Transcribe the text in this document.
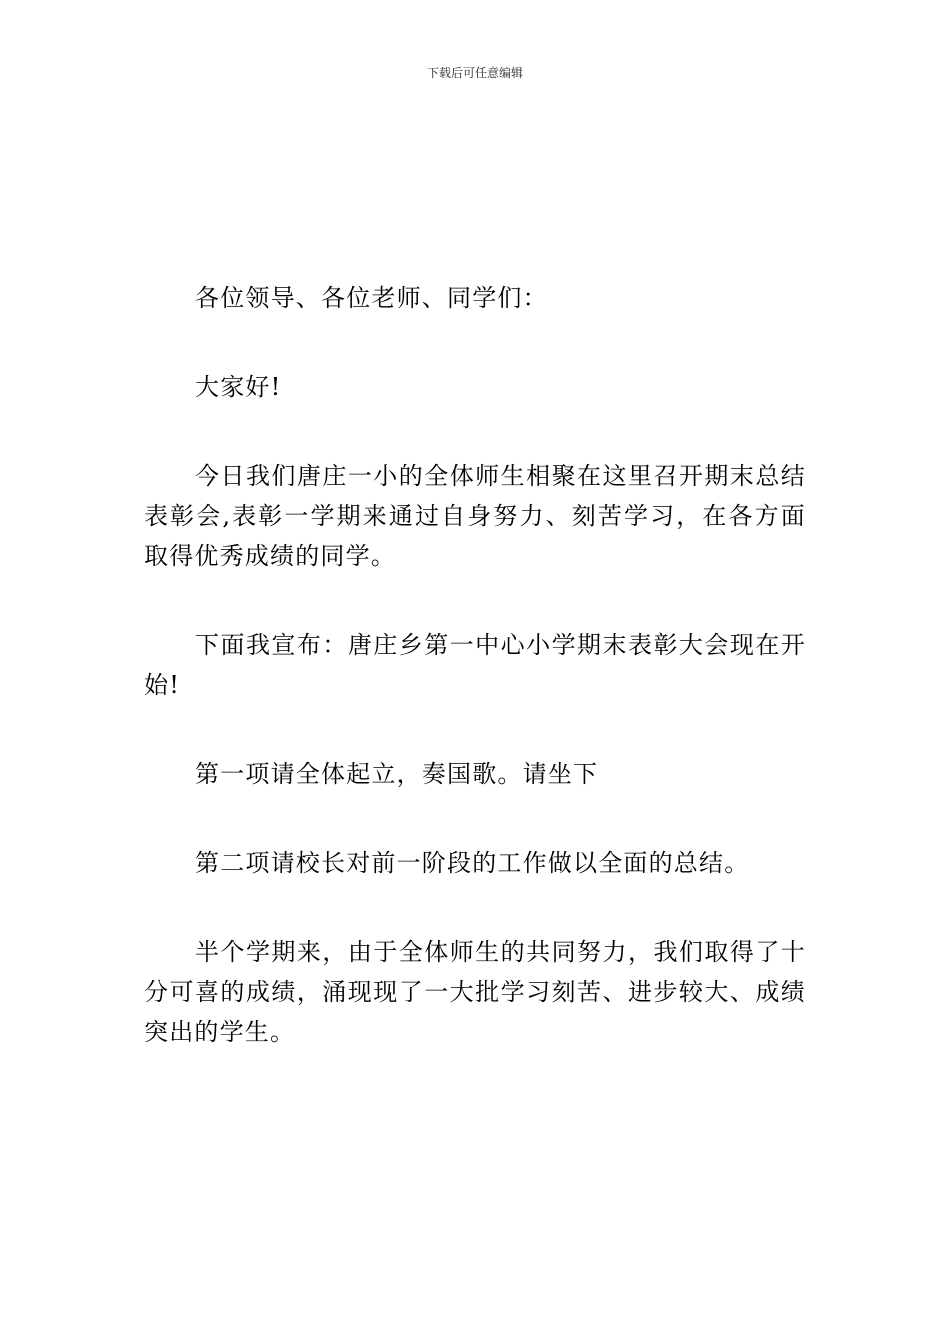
下载后可任意编辑

各位领导、各位老师、同学们：

大家好!

今日我们唐庄一小的全体师生相聚在这里召开期末总结表彰会,表彰一学期来通过自身努力、刻苦学习，在各方面取得优秀成绩的同学。

下面我宣布：唐庄乡第一中心小学期末表彰大会现在开始!

第一项请全体起立，奏国歌。请坐下

第二项请校长对前一阶段的工作做以全面的总结。

半个学期来，由于全体师生的共同努力，我们取得了十分可喜的成绩，涌现现了一大批学习刻苦、进步较大、成绩突出的学生。
